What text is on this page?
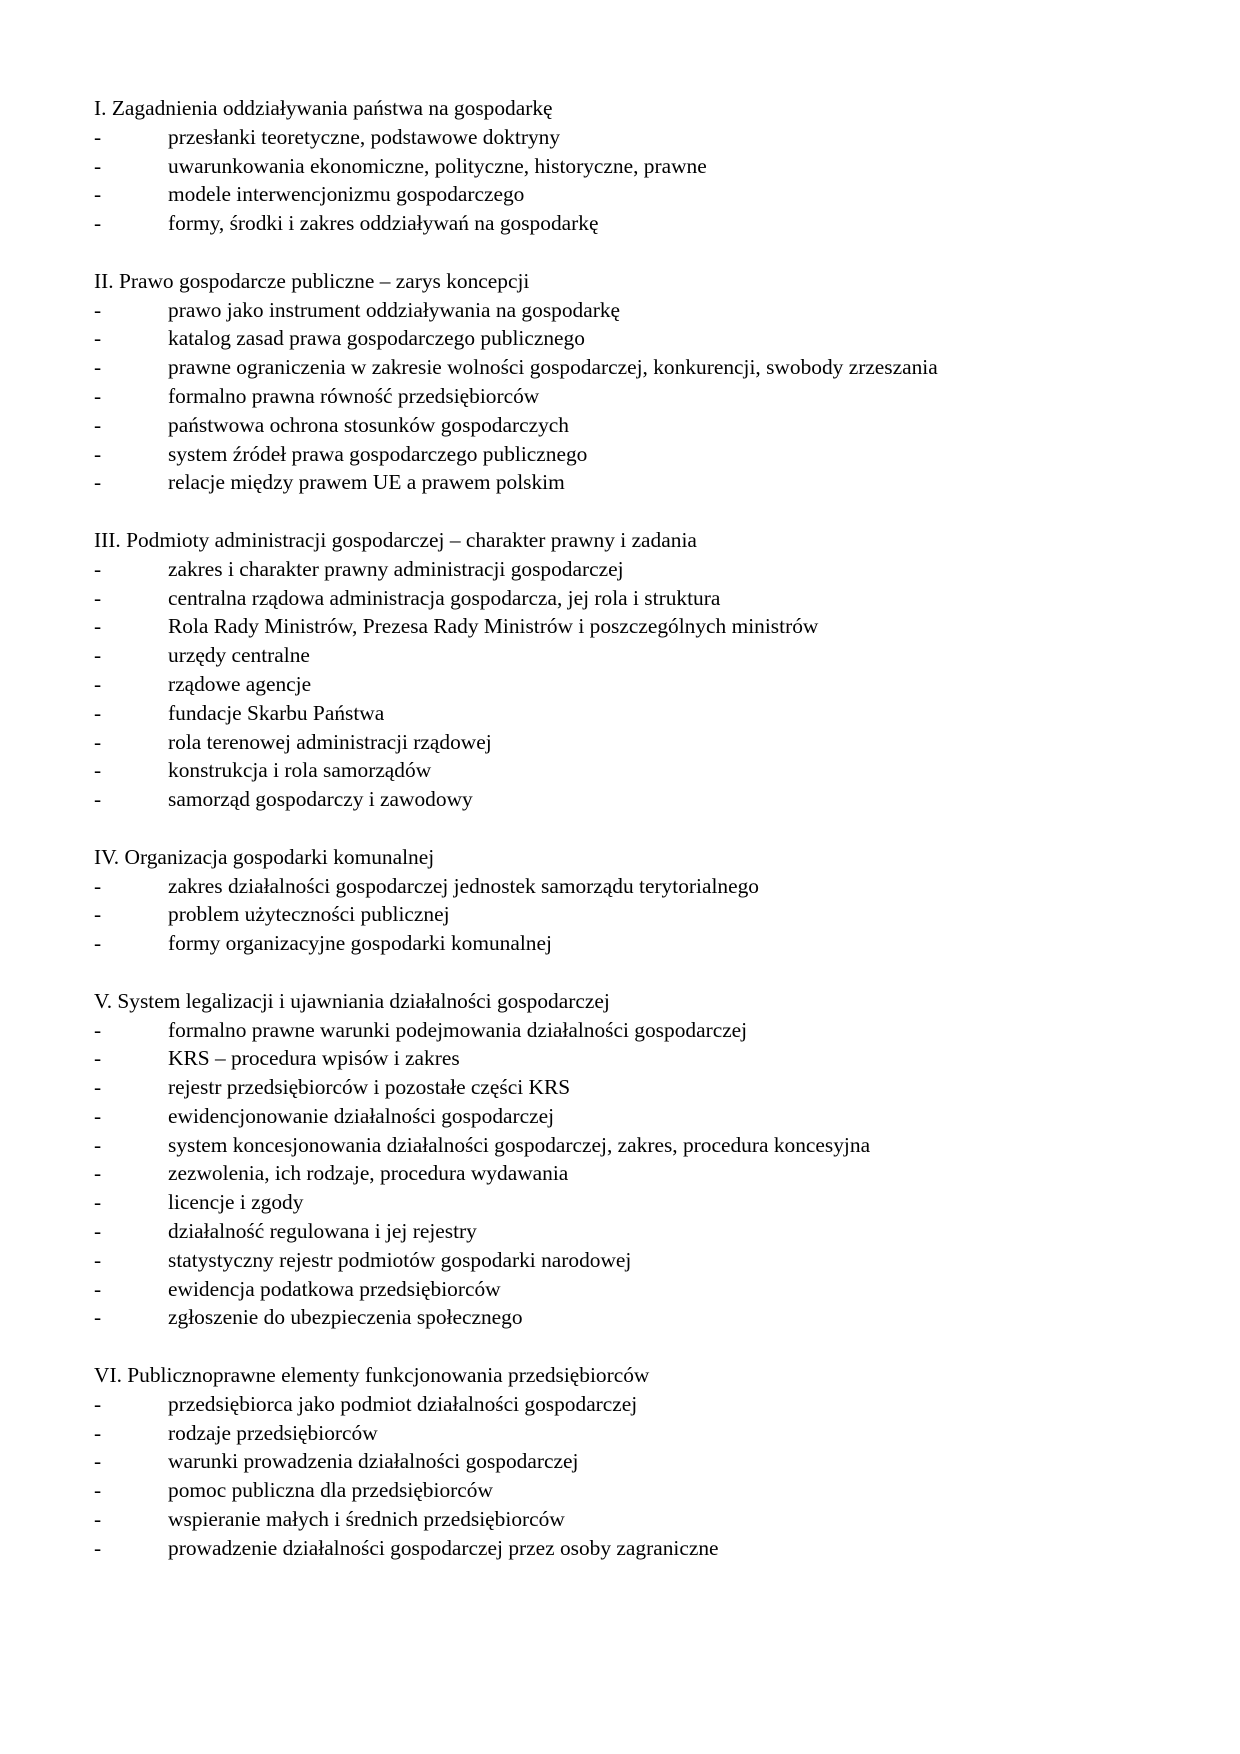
I. Zagadnienia oddziaływania państwa na gospodarkę
-	przesłanki teoretyczne, podstawowe doktryny
-	uwarunkowania ekonomiczne, polityczne, historyczne, prawne
-	modele interwencjonizmu gospodarczego
-	formy, środki i zakres oddziaływań na gospodarkę
II. Prawo gospodarcze publiczne – zarys koncepcji
-	prawo jako instrument oddziaływania na gospodarkę
-	katalog zasad prawa gospodarczego publicznego
-	prawne ograniczenia w zakresie wolności gospodarczej, konkurencji, swobody zrzeszania
-	formalno prawna równość przedsiębiorców
-	państwowa ochrona stosunków gospodarczych
-	system źródeł prawa gospodarczego publicznego
-	relacje między prawem UE a prawem polskim
III. Podmioty administracji gospodarczej – charakter prawny i zadania
-	zakres i charakter prawny administracji gospodarczej
-	centralna rządowa administracja gospodarcza, jej rola i struktura
-	Rola Rady Ministrów, Prezesa Rady Ministrów i poszczególnych ministrów
-	urzędy centralne
-	rządowe agencje
-	fundacje Skarbu Państwa
-	rola terenowej administracji rządowej
-	konstrukcja i rola samorządów
-	samorząd gospodarczy i zawodowy
IV. Organizacja gospodarki komunalnej
-	zakres działalności gospodarczej jednostek samorządu terytorialnego
-	problem użyteczności publicznej
-	formy organizacyjne gospodarki komunalnej
V. System legalizacji i ujawniania działalności gospodarczej
-	formalno prawne warunki podejmowania działalności gospodarczej
-	KRS – procedura wpisów i zakres
-	rejestr przedsiębiorców i pozostałe części KRS
-	ewidencjonowanie działalności gospodarczej
-	system koncesjonowania działalności gospodarczej, zakres, procedura koncesyjna
-	zezwolenia, ich rodzaje, procedura wydawania
-	licencje i zgody
-	działalność regulowana i jej rejestry
-	statystyczny rejestr podmiotów gospodarki narodowej
-	ewidencja podatkowa przedsiębiorców
-	zgłoszenie do ubezpieczenia społecznego
VI. Publicznoprawne elementy funkcjonowania przedsiębiorców
-	przedsiębiorca jako podmiot działalności gospodarczej
-	rodzaje przedsiębiorców
-	warunki prowadzenia działalności gospodarczej
-	pomoc publiczna dla przedsiębiorców
-	wspieranie małych i średnich przedsiębiorców
-	prowadzenie działalności gospodarczej przez osoby zagraniczne
